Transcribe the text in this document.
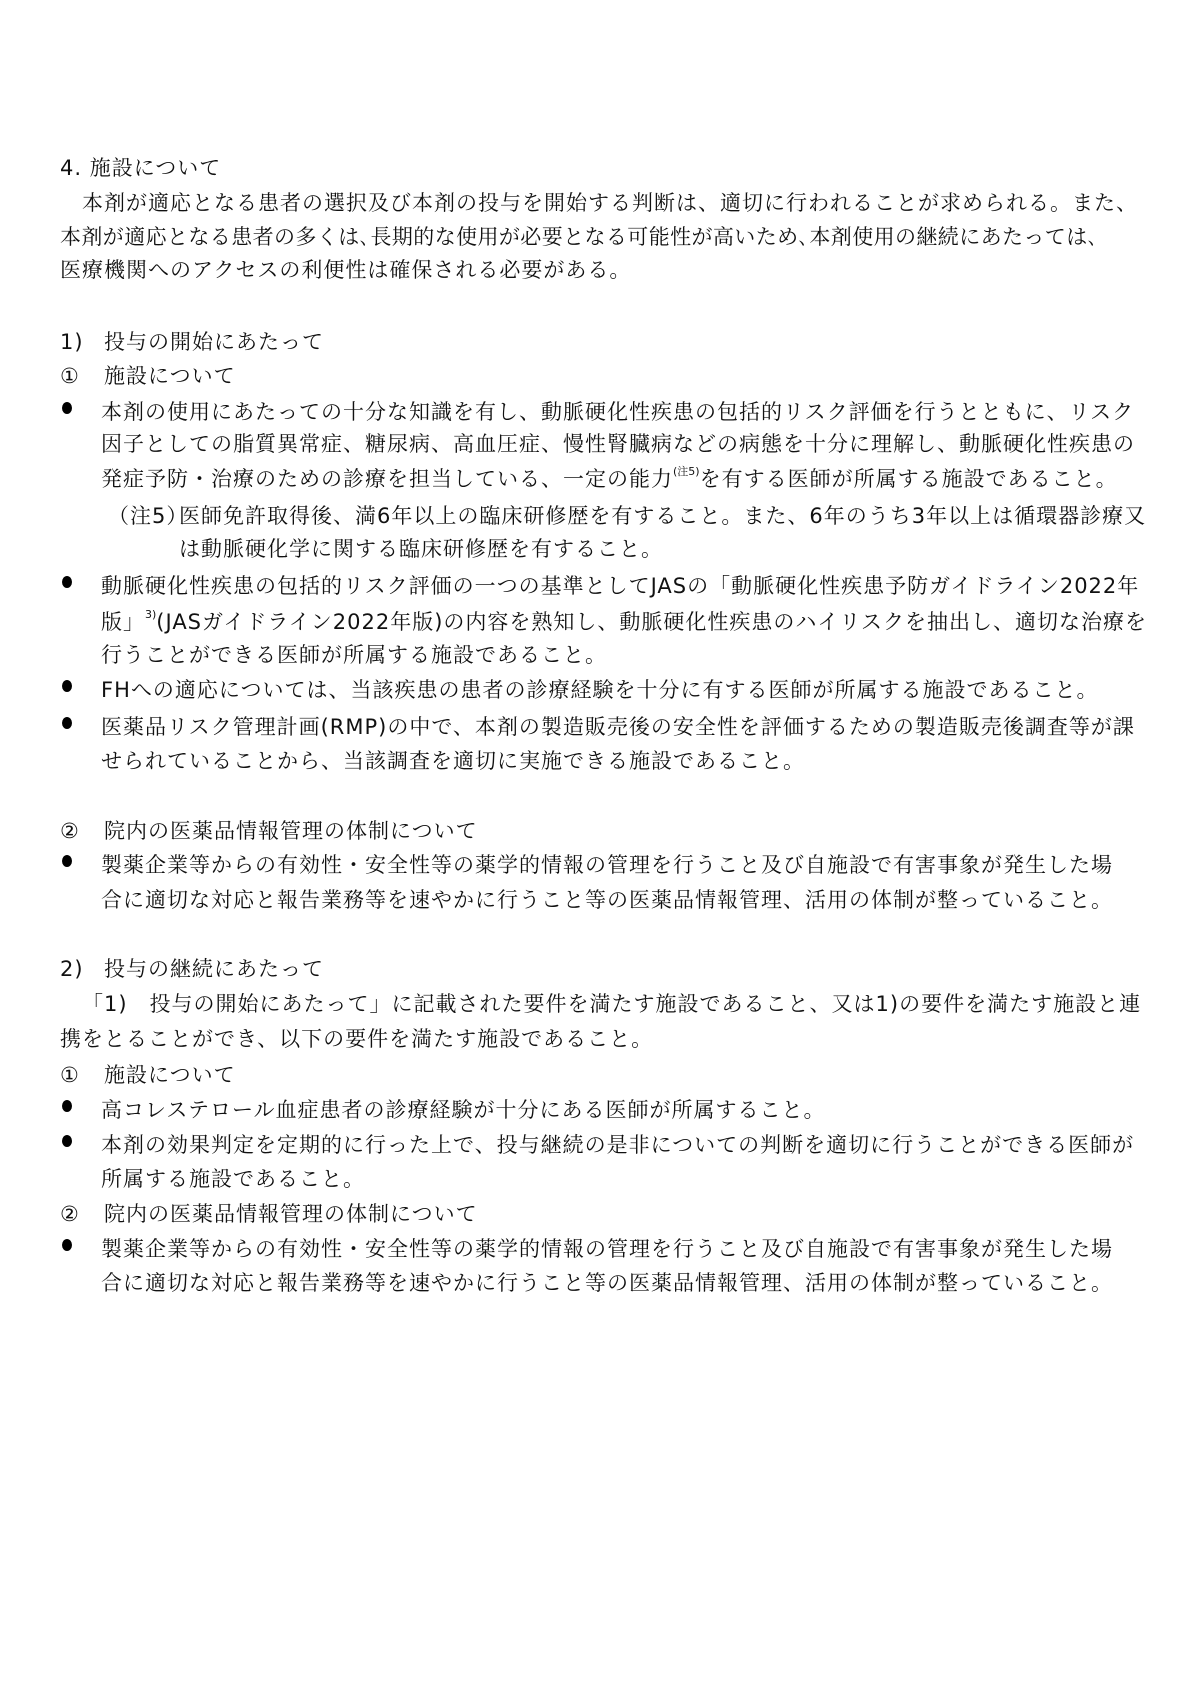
4. 施設について
　本剤が適応となる患者の選択及び本剤の投与を開始する判断は、適切に行われることが求められる。また、
本剤が適応となる患者の多くは､長期的な使用が必要となる可能性が高いため､本剤使用の継続にあたっては､
医療機関へのアクセスの利便性は確保される必要がある。
1) 投与の開始にあたって
① 施設について
本剤の使用にあたっての十分な知識を有し、動脈硬化性疾患の包括的リスク評価を行うとともに、リスク
因子としての脂質異常症、糖尿病、高血圧症、慢性腎臓病などの病態を十分に理解し、動脈硬化性疾患の
発症予防・治療のための診療を担当している、一定の能力$^{(注5)}$を有する医師が所属する施設であること。
（注5）
医師免許取得後、満6年以上の臨床研修歴を有すること。また、6年のうち3年以上は循環器診療又
は動脈硬化学に関する臨床研修歴を有すること。
動脈硬化性疾患の包括的リスク評価の一つの基準としてJASの「動脈硬化性疾患予防ガイドライン2022年
版」$^{3)}$(JASガイドライン2022年版)の内容を熟知し、動脈硬化性疾患のハイリスクを抽出し、適切な治療を
行うことができる医師が所属する施設であること。
FHへの適応については、当該疾患の患者の診療経験を十分に有する医師が所属する施設であること。
医薬品リスク管理計画(RMP)の中で、本剤の製造販売後の安全性を評価するための製造販売後調査等が課
せられていることから、当該調査を適切に実施できる施設であること。
② 院内の医薬品情報管理の体制について
製薬企業等からの有効性・安全性等の薬学的情報の管理を行うこと及び自施設で有害事象が発生した場
合に適切な対応と報告業務等を速やかに行うこと等の医薬品情報管理、活用の体制が整っていること。
2) 投与の継続にあたって
「1)　投与の開始にあたって」に記載された要件を満たす施設であること、又は1)の要件を満たす施設と連
携をとることができ、以下の要件を満たす施設であること。
① 施設について
高コレステロール血症患者の診療経験が十分にある医師が所属すること。
本剤の効果判定を定期的に行った上で、投与継続の是非についての判断を適切に行うことができる医師が
所属する施設であること。
② 院内の医薬品情報管理の体制について
製薬企業等からの有効性・安全性等の薬学的情報の管理を行うこと及び自施設で有害事象が発生した場
合に適切な対応と報告業務等を速やかに行うこと等の医薬品情報管理、活用の体制が整っていること。
